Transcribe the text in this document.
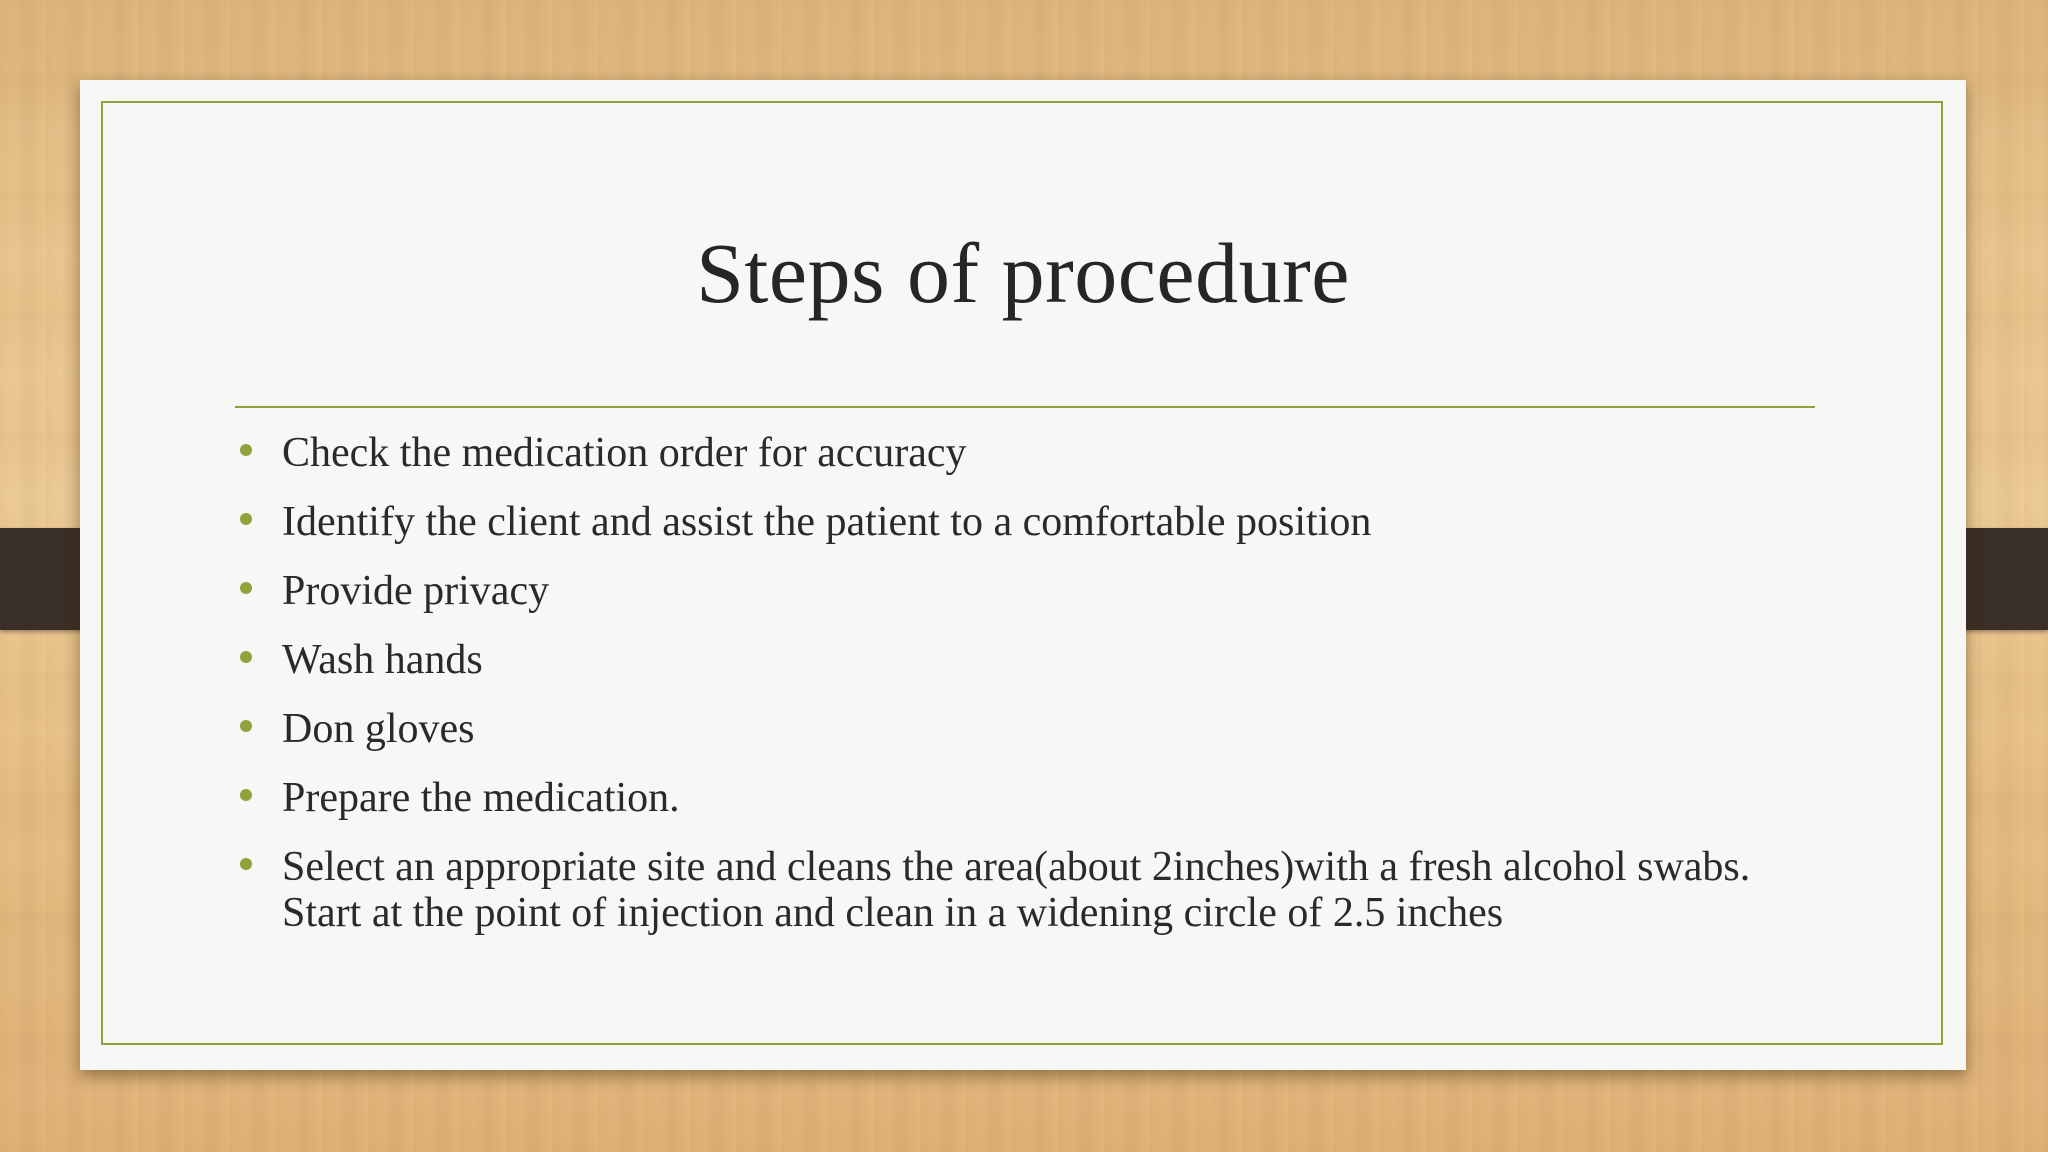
Steps of procedure
Check the medication order for accuracy
Identify the client and assist the patient to a comfortable position
Provide privacy
Wash hands
Don gloves
Prepare the medication.
Select an appropriate site and cleans the area(about 2inches)with a fresh alcohol swabs. Start at the point of injection and clean in a widening circle of 2.5 inches
